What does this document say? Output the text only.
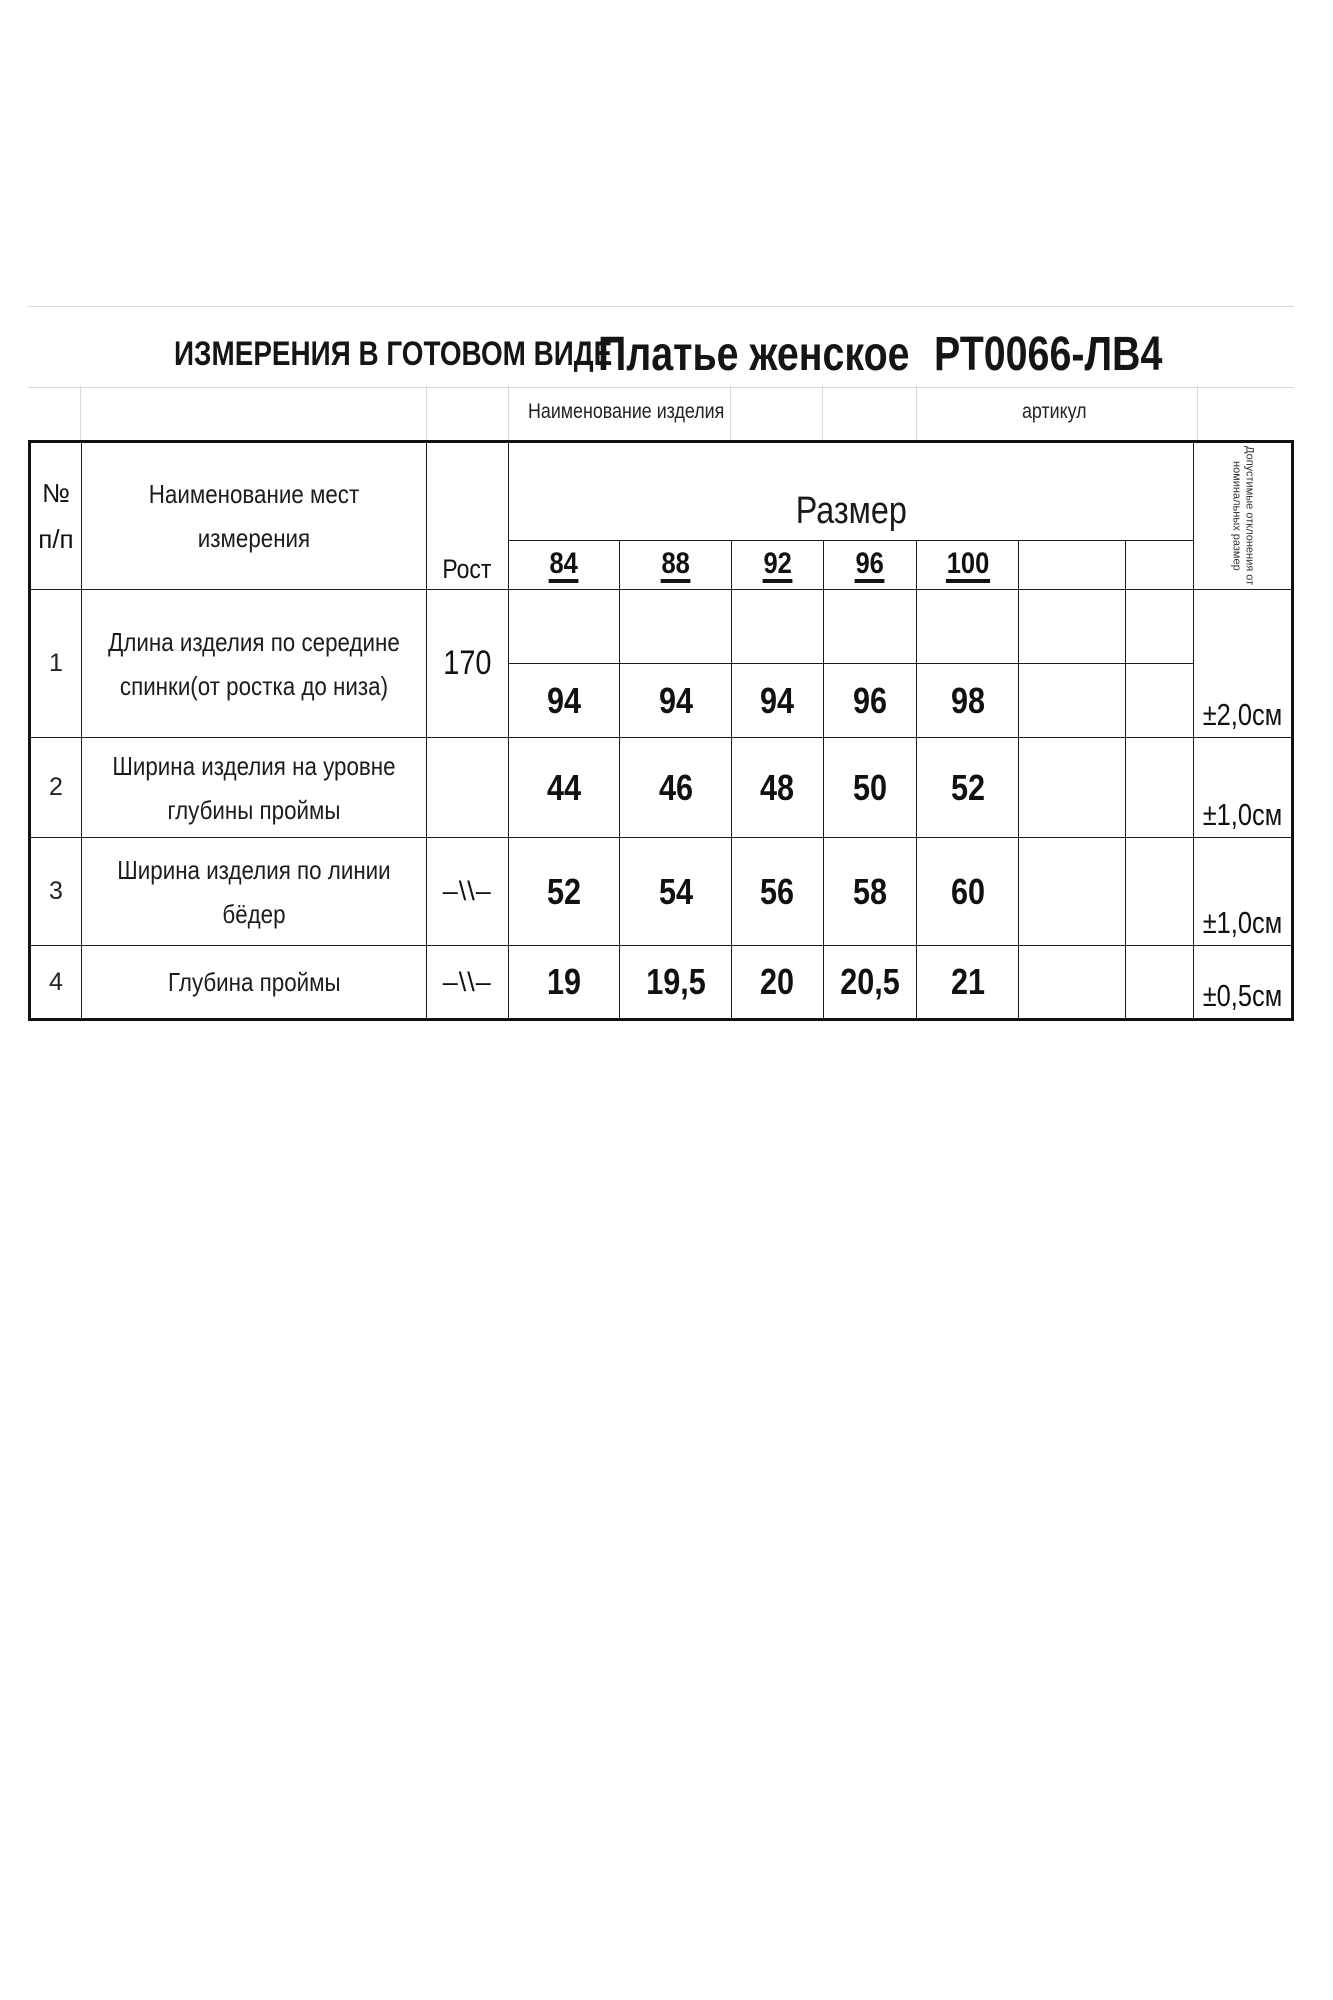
ИЗМЕРЕНИЯ В ГОТОВОМ ВИДЕ
Платье женское РТ0066-ЛВ4
Наименование изделия	артикул
№
п/п	Наименование мест измерения	Рост	Размер							Допустимые отклонения от номинальных размер

			84	88	92	96	100			
1	Длина изделия по середине спинки(от ростка до низа)	170								±2,0см
			94	94	94	96	98			
2	Ширина изделия на уровне глубины проймы		44	46	48	50	52			±1,0см
3	Ширина изделия по линии бёдер	–\\–	52	54	56	58	60			±1,0см
4	Глубина проймы	–\\–	19	19,5	20	20,5	21			±0,5см
